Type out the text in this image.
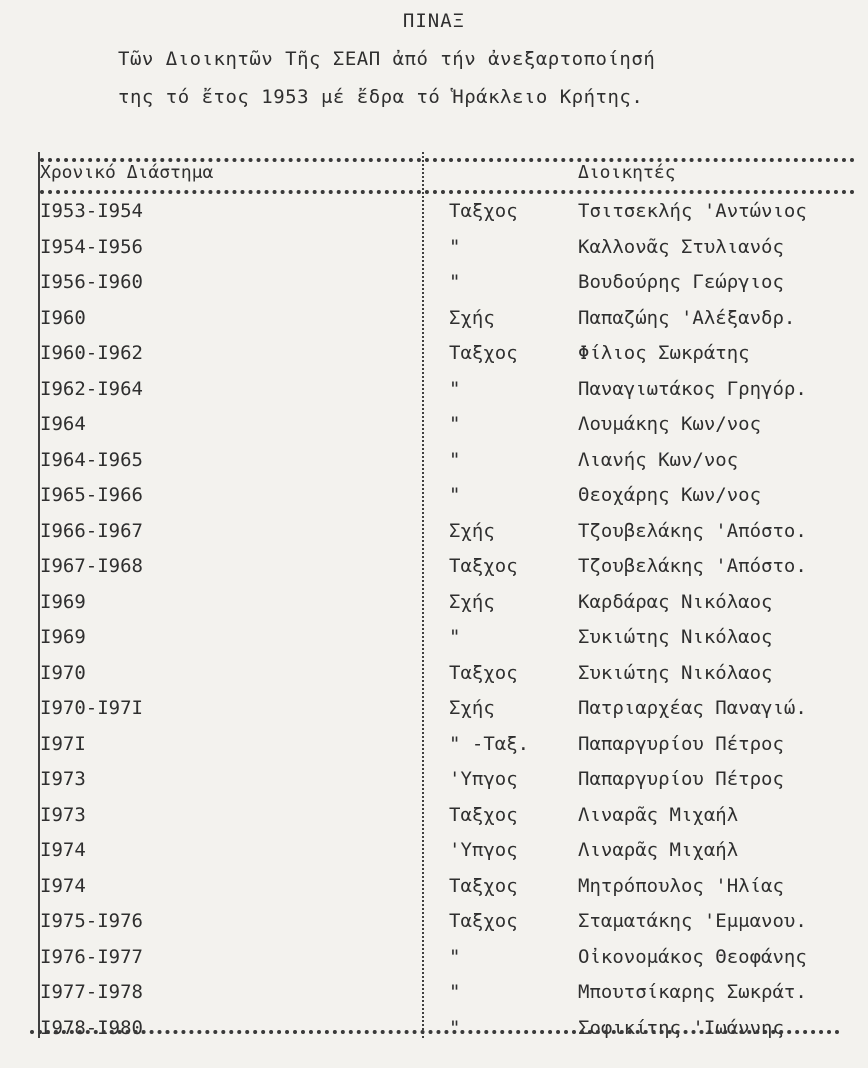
ΠΙΝΑΞ
Τῶν Διοικητῶν Τῆς ΣΕΑΠ ἀπό τήν ἀνεξαρτοποίησή
της τό ἔτος 1953 μέ ἔδρα τό Ἡράκλειο Κρήτης.
Χρονικό Διάστημα	Διοικητές
I953-I954	Ταξχος	Τσιτσεκλής 'Αντώνιος
I954-I956	"	Καλλονᾶς Στυλιανός
I956-I960	"	Βουδούρης Γεώργιος
I960	Σχής	Παπαζώης 'Αλέξανδρ.
I960-I962	Ταξχος	Φίλιος Σωκράτης
I962-I964	"	Παναγιωτάκος Γρηγόρ.
I964	"	Λουμάκης Κων/νος
I964-I965	"	Λιανής Κων/νος
I965-I966	"	Θεοχάρης Κων/νος
I966-I967	Σχής	Τζουβελάκης 'Απόστο.
I967-I968	Ταξχος	Τζουβελάκης 'Απόστο.
I969	Σχής	Καρδάρας Νικόλαος
I969	"	Συκιώτης Νικόλαος
I970	Ταξχος	Συκιώτης Νικόλαος
I970-I97I	Σχής	Πατριαρχέας Παναγιώ.
I97I	" -Ταξ.	Παπαργυρίου Πέτρος
I973	'Υπγος	Παπαργυρίου Πέτρος
I973	Ταξχος	Λιναρᾶς Μιχαήλ
I974	'Υπγος	Λιναρᾶς Μιχαήλ
I974	Ταξχος	Μητρόπουλος 'Ηλίας
I975-I976	Ταξχος	Σταματάκης 'Εμμανου.
I976-I977	"	Οἰκονομάκος Θεοφάνης
I977-I978	"	Μπουτσίκαρης Σωκράτ.
I978-I980	"	Σοφικίτης 'Ιωάννης
